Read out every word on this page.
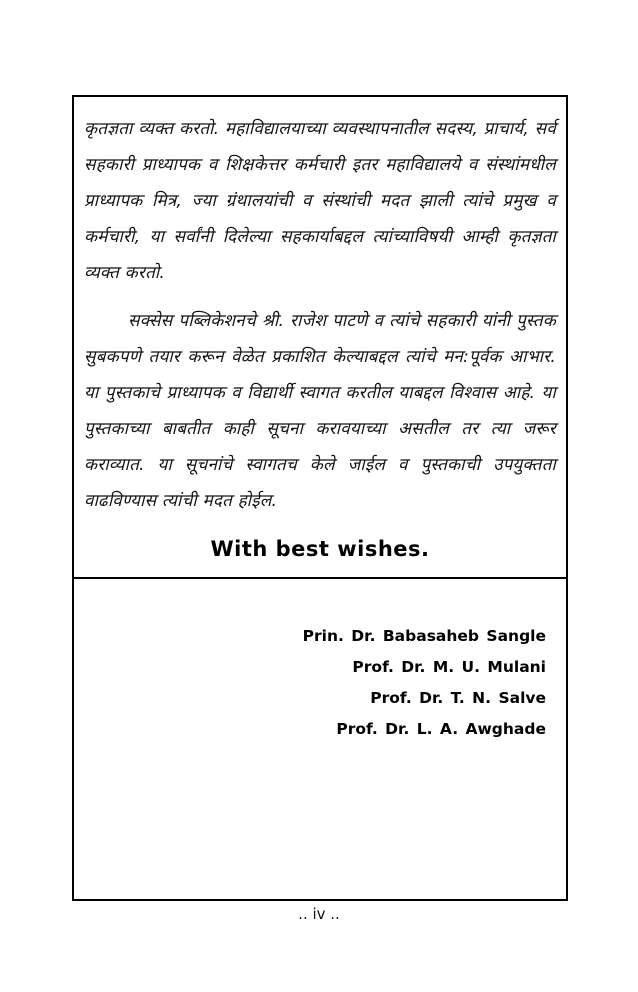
कृतज्ञता व्यक्त करतो. महाविद्यालयाच्या व्यवस्थापनातील सदस्य, प्राचार्य, सर्व सहकारी प्राध्यापक व शिक्षकेत्तर कर्मचारी इतर महाविद्यालये व संस्थांमधील प्राध्यापक मित्र, ज्या ग्रंथालयांची व संस्थांची मदत झाली त्यांचे प्रमुख व कर्मचारी, या सर्वांनी दिलेल्या सहकार्याबद्दल त्यांच्याविषयी आम्ही कृतज्ञता व्यक्त करतो.

सक्सेस पब्लिकेशनचे श्री. राजेश पाटणे व त्यांचे सहकारी यांनी पुस्तक सुबकपणे तयार करून वेळेत प्रकाशित केल्याबद्दल त्यांचे मन:पूर्वक आभार. या पुस्तकाचे प्राध्यापक व विद्यार्थी स्वागत करतील याबद्दल विश्वास आहे. या पुस्तकाच्या बाबतीत काही सूचना करावयाच्या असतील तर त्या जरूर कराव्यात. या सूचनांचे स्वागतच केले जाईल व पुस्तकाची उपयुक्तता वाढविण्यास त्यांची मदत होईल.

With best wishes.
Prin. Dr. Babasaheb Sangle
Prof. Dr. M. U. Mulani
Prof. Dr. T. N. Salve
Prof. Dr. L. A. Awghade
.. iv ..
